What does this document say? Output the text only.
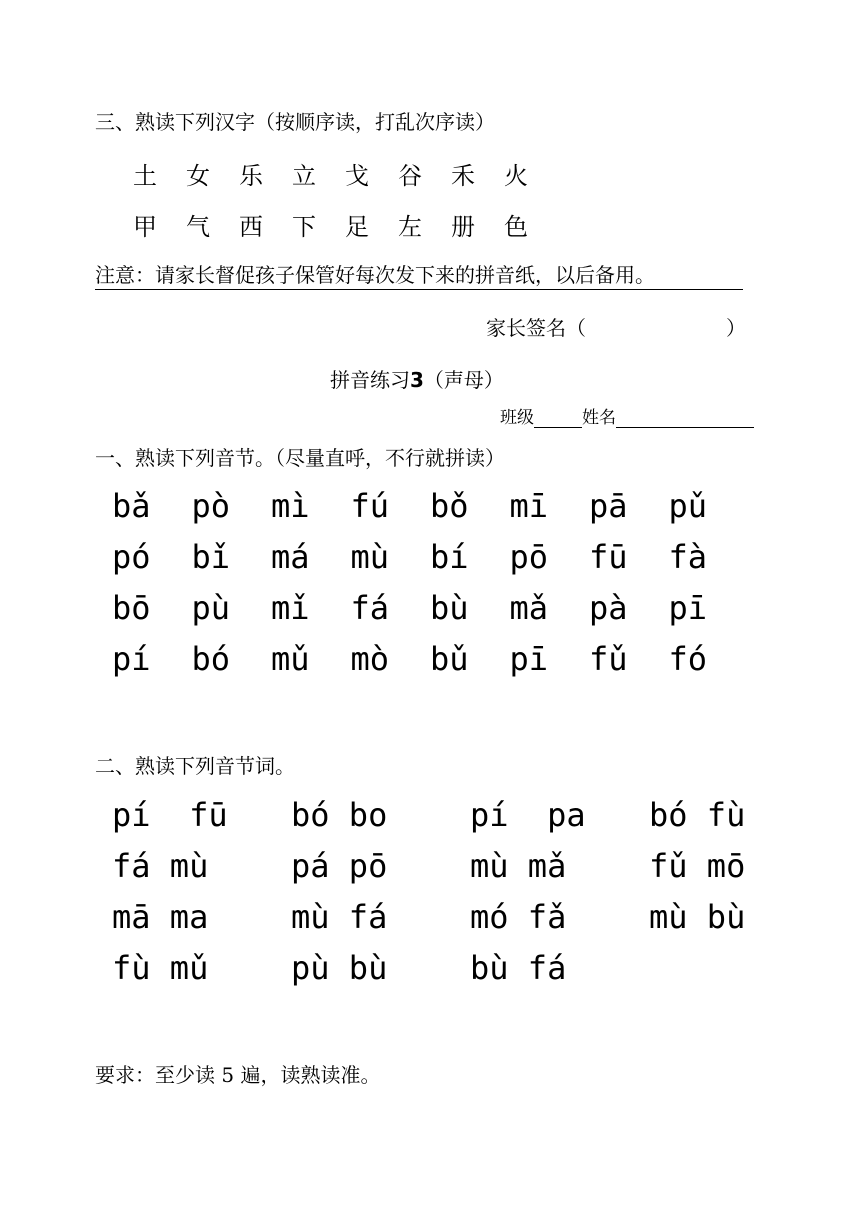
三、熟读下列汉字（按顺序读，打乱次序读）
土	女	乐	立	戈	谷	禾	火
甲	气	西	下	足	左	册	色
注意：请家长督促孩子保管好每次发下来的拼音纸，以后备用。
家长签名（	）
拼音练习3（声母）
班级	姓名
一、熟读下列音节。（尽量直呼，不行就拼读）
bǎ	pò	mì	fú	bǒ	mī	pā	pǔ
pó	bǐ	má	mù	bí	pō	fū	fà
bō	pù	mǐ	fá	bù	mǎ	pà	pī
pí	bó	mǔ	mò	bǔ	pī	fǔ	fó
二、熟读下列音节词。
pí  fū	bó bo	pí  pa	bó fù
fá mù	pá pō	mù mǎ	fǔ mō
mā ma	mù fá	mó fǎ	mù bù
fù mǔ	pù bù	bù fá
要求：至少读 5 遍，读熟读准。
